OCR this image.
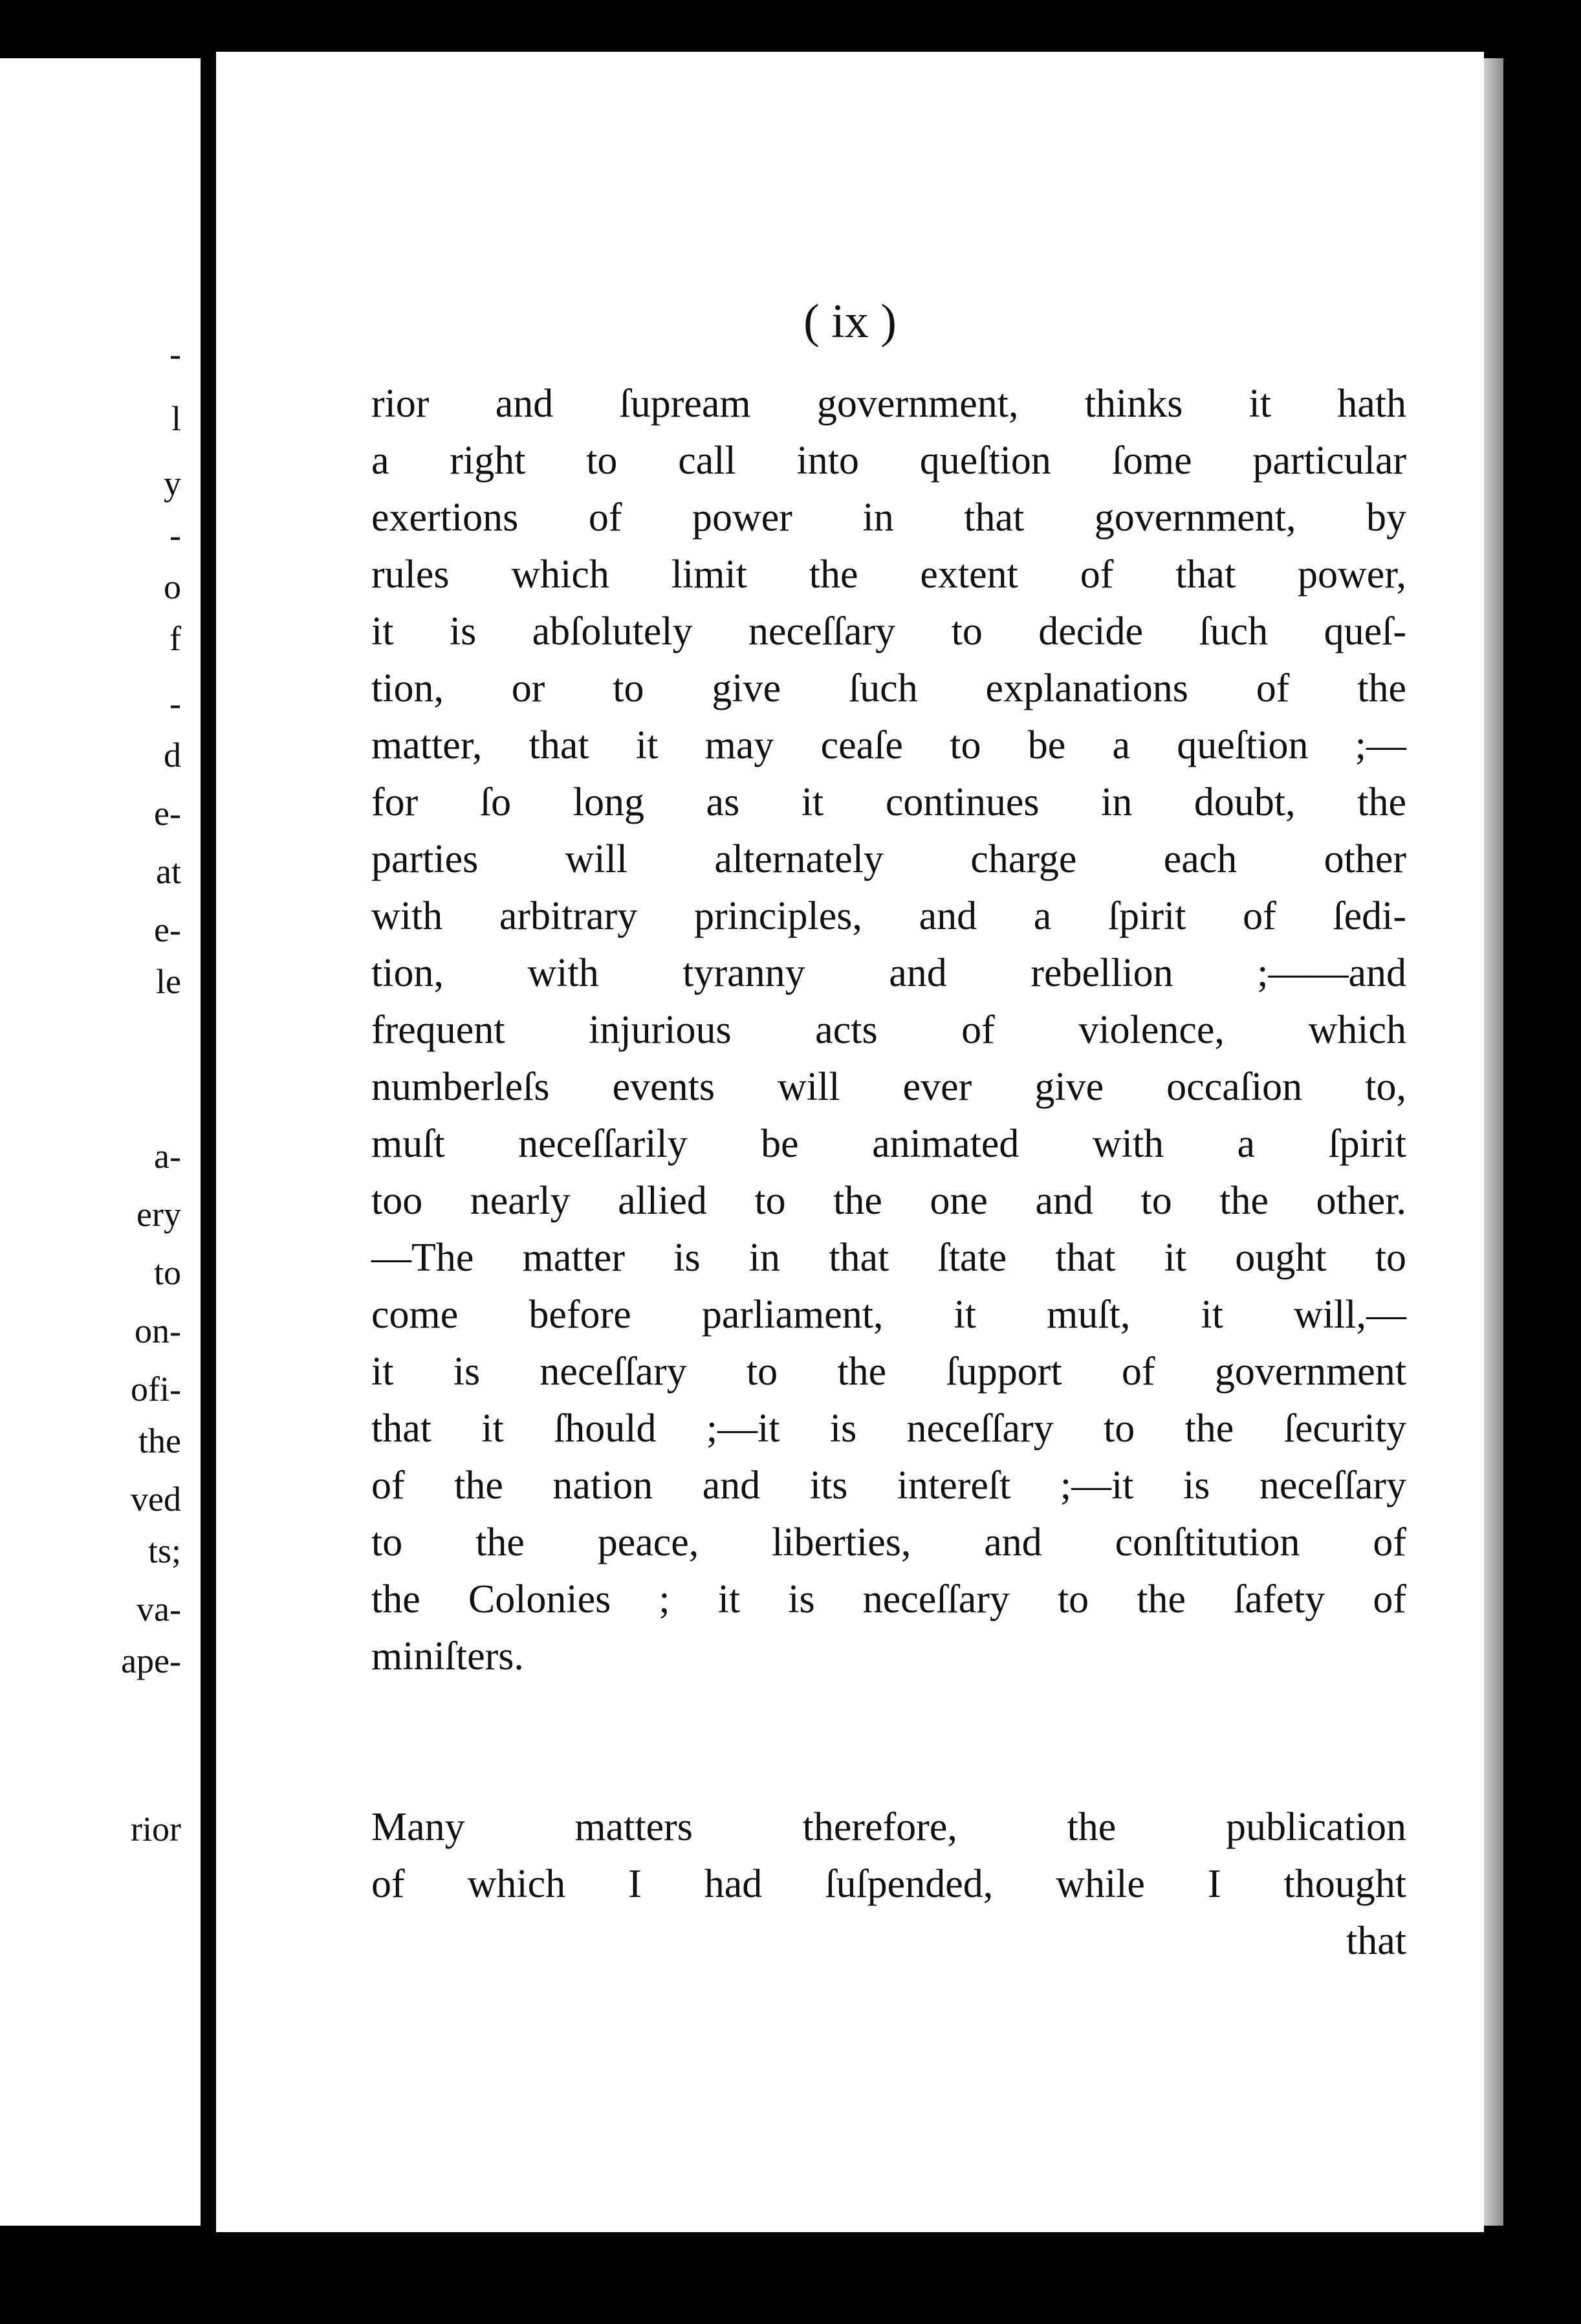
-
l
y
-
o
f
-
d
e-
at
e-
le
a-
ery
to
on-
ofi-
the
ved
ts;
va-
ape-
rior
( ix )
rior and ſupream government, thinks it hath
a right to call into queſtion ſome particular
exertions of power in that government, by
rules which limit the extent of that power,
it is abſolutely neceſſary to decide ſuch queſ-
tion, or to give ſuch explanations of the
matter, that it may ceaſe to be a queſtion ;—
for ſo long as it continues in doubt, the
parties will alternately charge each other
with arbitrary principles, and a ſpirit of ſedi-
tion, with tyranny and rebellion ;——and
frequent injurious acts of violence, which
numberleſs events will ever give occaſion to,
muſt neceſſarily be animated with a ſpirit
too nearly allied to the one and to the other.
—The matter is in that ſtate that it ought to
come before parliament, it muſt, it will,—
it is neceſſary to the ſupport of government
that it ſhould ;—it is neceſſary to the ſecurity
of the nation and its intereſt ;—it is neceſſary
to the peace, liberties, and conſtitution of
the Colonies ; it is neceſſary to the ſafety of
miniſters.
Many matters therefore, the publication
of which I had ſuſpended, while I thought
that
